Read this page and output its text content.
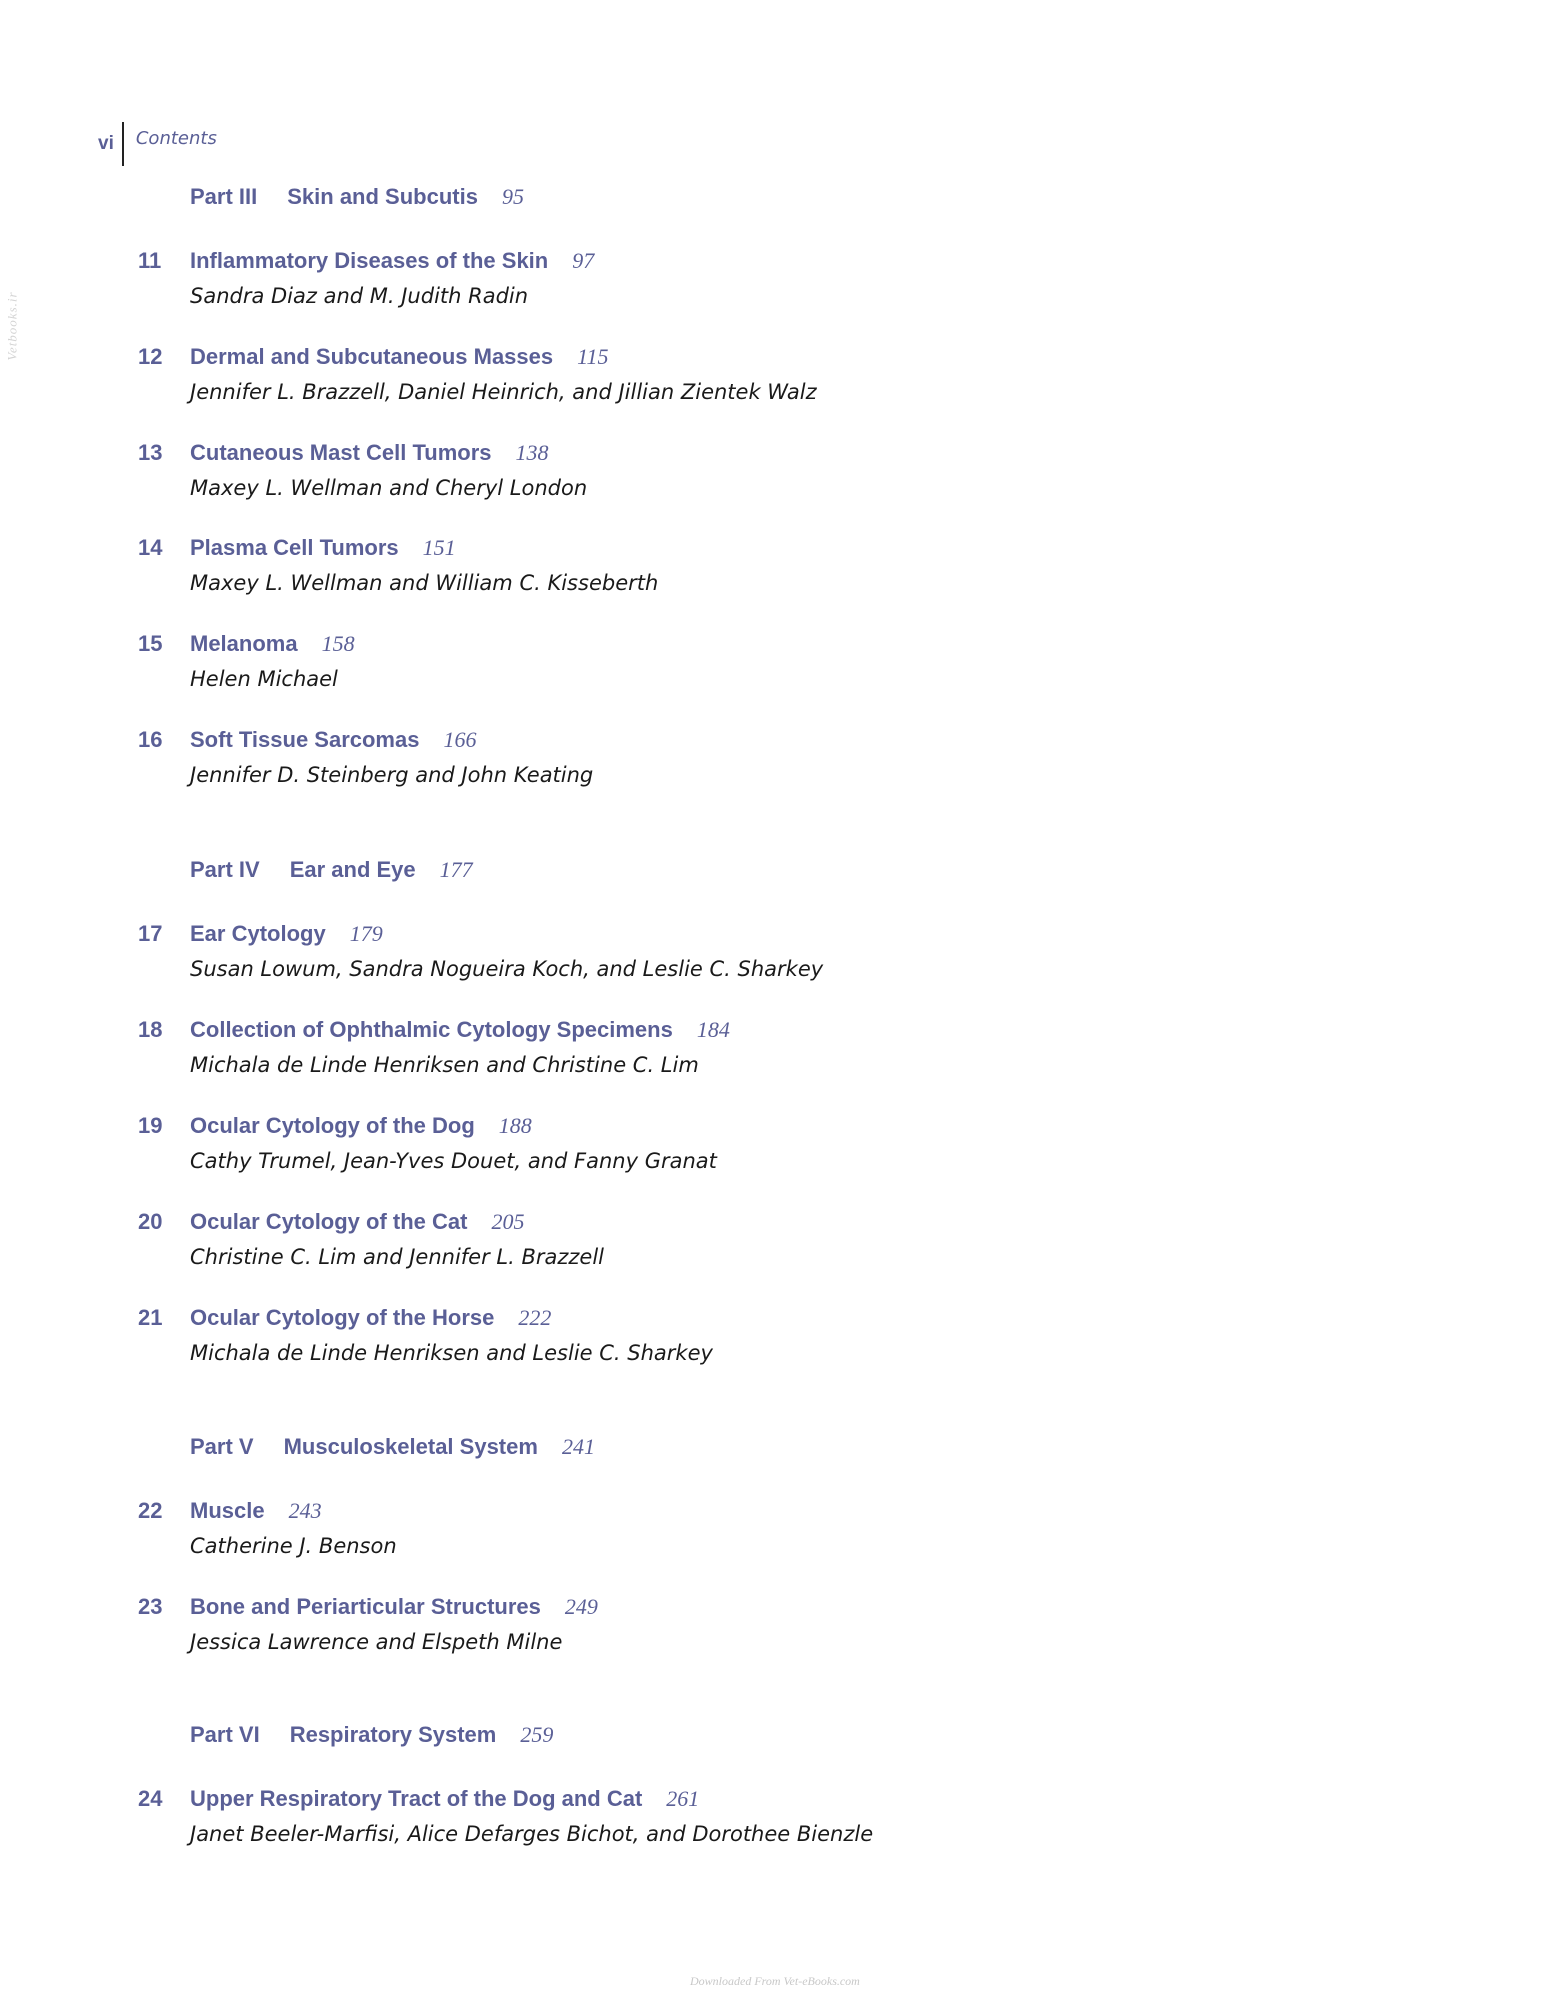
vi	Contents
Vetbooks.ir
Part III Skin and Subcutis 95
11	Inflammatory Diseases of the Skin 97
Sandra Diaz and M. Judith Radin
12	Dermal and Subcutaneous Masses 115
Jennifer L. Brazzell, Daniel Heinrich, and Jillian Zientek Walz
13	Cutaneous Mast Cell Tumors 138
Maxey L. Wellman and Cheryl London
14	Plasma Cell Tumors 151
Maxey L. Wellman and William C. Kisseberth
15	Melanoma 158
Helen Michael
16	Soft Tissue Sarcomas 166
Jennifer D. Steinberg and John Keating
Part IV Ear and Eye 177
17	Ear Cytology 179
Susan Lowum, Sandra Nogueira Koch, and Leslie C. Sharkey
18	Collection of Ophthalmic Cytology Specimens 184
Michala de Linde Henriksen and Christine C. Lim
19	Ocular Cytology of the Dog 188
Cathy Trumel, Jean-Yves Douet, and Fanny Granat
20	Ocular Cytology of the Cat 205
Christine C. Lim and Jennifer L. Brazzell
21	Ocular Cytology of the Horse 222
Michala de Linde Henriksen and Leslie C. Sharkey
Part V Musculoskeletal System 241
22	Muscle 243
Catherine J. Benson
23	Bone and Periarticular Structures 249
Jessica Lawrence and Elspeth Milne
Part VI Respiratory System 259
24	Upper Respiratory Tract of the Dog and Cat 261
Janet Beeler-Marfisi, Alice Defarges Bichot, and Dorothee Bienzle
Downloaded From Vet-eBooks.com
